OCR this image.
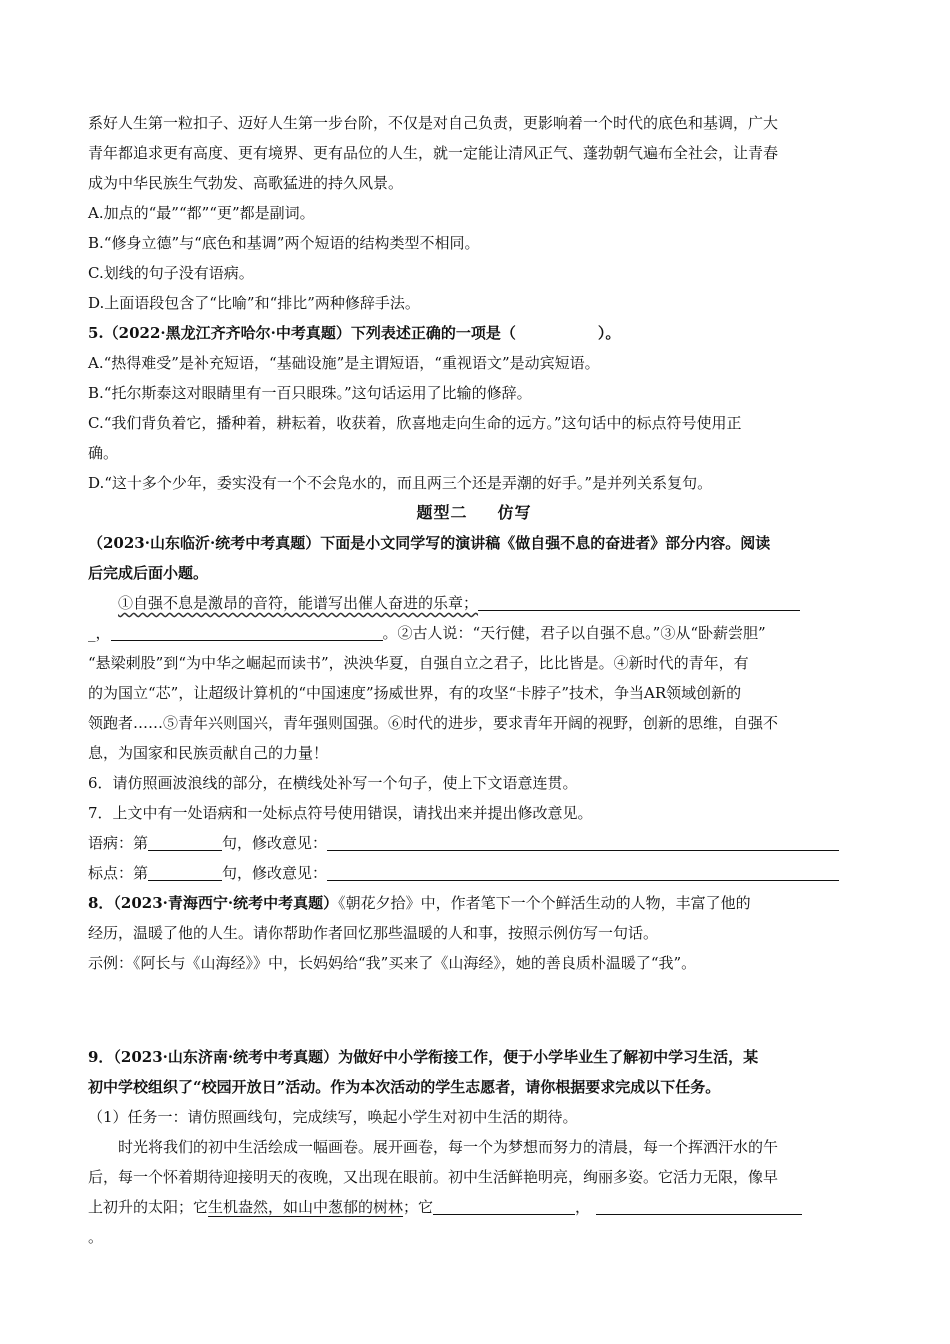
系好人生第一粒扣子、迈好人生第一步台阶，不仅是对自己负责，更影响着一个时代的底色和基调，广大

青年都追求更有高度、更有境界、更有品位的人生，就一定能让清风正气、蓬勃朝气遍布全社会，让青春

成为中华民族生气勃发、高歌猛进的持久风景。

A.加点的“最”“都”“更”都是副词。

B.“修身立德”与“底色和基调”两个短语的结构类型不相同。

C.划线的句子没有语病。

D.上面语段包含了“比喻”和“排比”两种修辞手法。

5.（2022·黑龙江齐齐哈尔·中考真题）下列表述正确的一项是（	）。

A.“热得难受”是补充短语，“基础设施”是主谓短语，“重视语文”是动宾短语。

B.“托尔斯泰这对眼睛里有一百只眼珠。”这句话运用了比输的修辞。

C.“我们背负着它，播种着，耕耘着，收获着，欣喜地走向生命的远方。”这句话中的标点符号使用正

确。

D.“这十多个少年，委实没有一个不会凫水的，而且两三个还是弄潮的好手。”是并列关系复句。

题型二 仿写

（2023·山东临沂·统考中考真题）下面是小文同学写的演讲稿《做自强不息的奋进者》部分内容。阅读

后完成后面小题。

①自强不息是激昂的音符，能谱写出催人奋进的乐章；

_，	。②古人说：“天行健，君子以自强不息。”③从“卧薪尝胆”

“悬梁刺股”到“为中华之崛起而读书”，泱泱华夏，自强自立之君子，比比皆是。④新时代的青年，有

的为国立“芯”，让超级计算机的“中国速度”扬威世界，有的攻坚“卡脖子”技术，争当AR领域创新的

领跑者……⑤青年兴则国兴，青年强则国强。⑥时代的进步，要求青年开阔的视野，创新的思维，自强不

息，为国家和民族贡献自己的力量！

6．请仿照画波浪线的部分，在横线处补写一个句子，使上下文语意连贯。

7．上文中有一处语病和一处标点符号使用错误，请找出来并提出修改意见。

语病：第	句，修改意见：

标点：第	句，修改意见：

8．（2023·青海西宁·统考中考真题）《朝花夕拾》中，作者笔下一个个鲜活生动的人物，丰富了他的

经历，温暖了他的人生。请你帮助作者回忆那些温暖的人和事，按照示例仿写一句话。

示例：《阿长与《山海经》》中，长妈妈给“我”买来了《山海经》，她的善良质朴温暖了“我”。

9．（2023·山东济南·统考中考真题）为做好中小学衔接工作，便于小学毕业生了解初中学习生活，某

初中学校组织了“校园开放日”活动。作为本次活动的学生志愿者，请你根据要求完成以下任务。

（1）任务一：请仿照画线句，完成续写，唤起小学生对初中生活的期待。

时光将我们的初中生活绘成一幅画卷。展开画卷，每一个为梦想而努力的清晨，每一个挥洒汗水的午

后，每一个怀着期待迎接明天的夜晚，又出现在眼前。初中生活鲜艳明亮，绚丽多姿。它活力无限，像早

上初升的太阳；它生机盎然，如山中葱郁的树林；它	，

。
